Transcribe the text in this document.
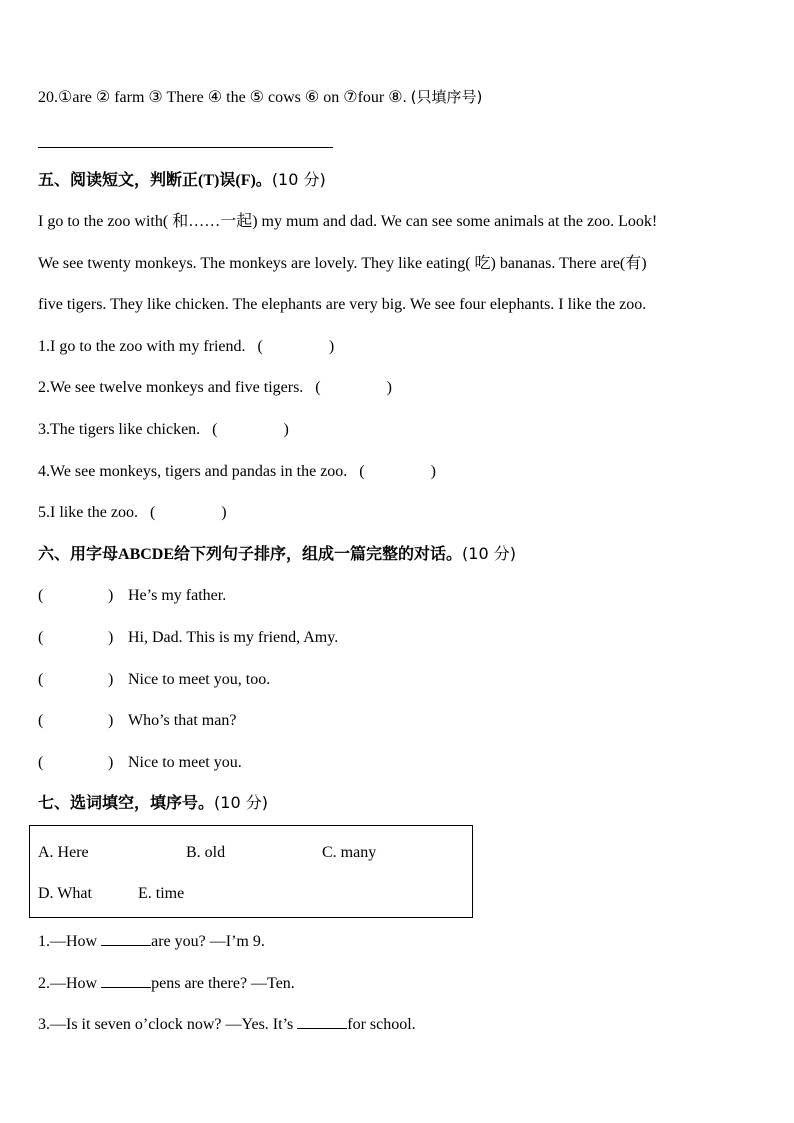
20.①are ② farm ③ There ④ the ⑤ cows ⑥ on ⑦four ⑧. (只填序号)
五、阅读短文，判断正(T)误(F)。(10 分)
I go to the zoo with( 和……一起) my mum and dad. We can see some animals at the zoo. Look!
We see twenty monkeys. The monkeys are lovely. They like eating( 吃) bananas. There are(有)
five tigers. They like chicken. The elephants are very big. We see four elephants. I like the zoo.
1.I go to the zoo with my friend. (	)
2.We see twelve monkeys and five tigers. (	)
3.The tigers like chicken. (	)
4.We see monkeys, tigers and pandas in the zoo. (	)
5.I like the zoo. (	)
六、用字母ABCDE给下列句子排序，组成一篇完整的对话。(10 分)
(	) He’s my father.
(	) Hi, Dad. This is my friend, Amy.
(	) Nice to meet you, too.
(	) Who’s that man?
(	) Nice to meet you.
七、选词填空，填序号。(10 分)
A. Here	B. old	C. many
D. What	E. time
1.—How	are you? —I’m 9.
2.—How	pens are there? —Ten.
3.—Is it seven o’clock now? —Yes. It’s	for school.
